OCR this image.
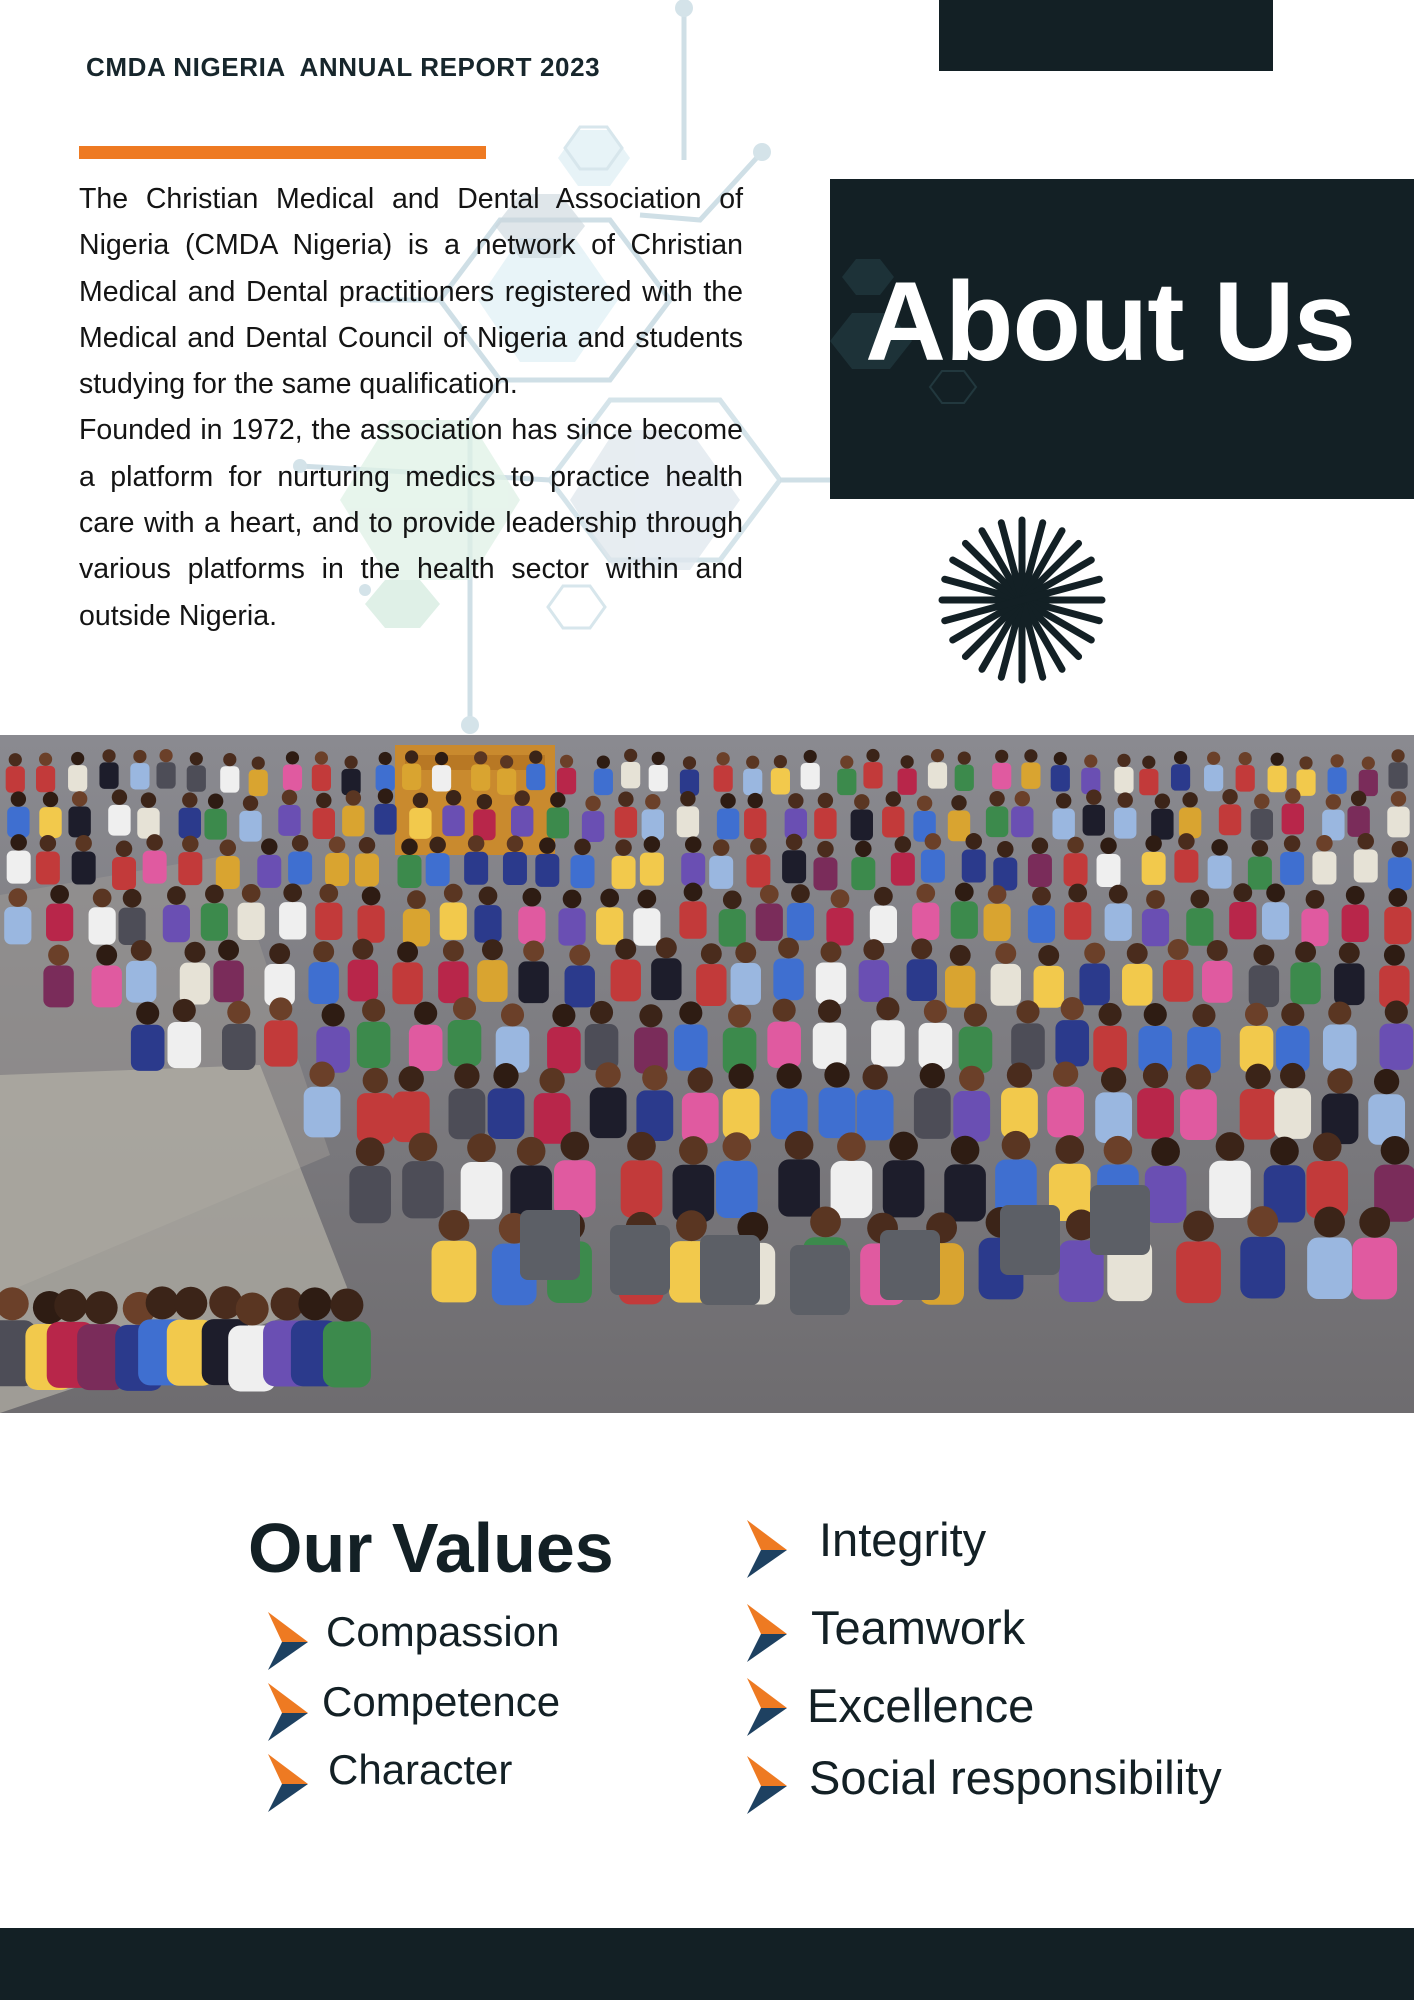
CMDA NIGERIA  ANNUAL REPORT 2023

The Christian Medical and Dental Association of Nigeria (CMDA Nigeria) is a network of Christian Medical and Dental practitioners registered with the Medical and Dental Council of Nigeria and students studying for the same qualification.

Founded in 1972, the association has since become a platform for nurturing medics to practice health care with a heart, and to provide leadership through various platforms in the health sector within and outside Nigeria.

About Us
Our Values
Compassion
Competence
Character
Integrity
Teamwork
Excellence
Social responsibility
